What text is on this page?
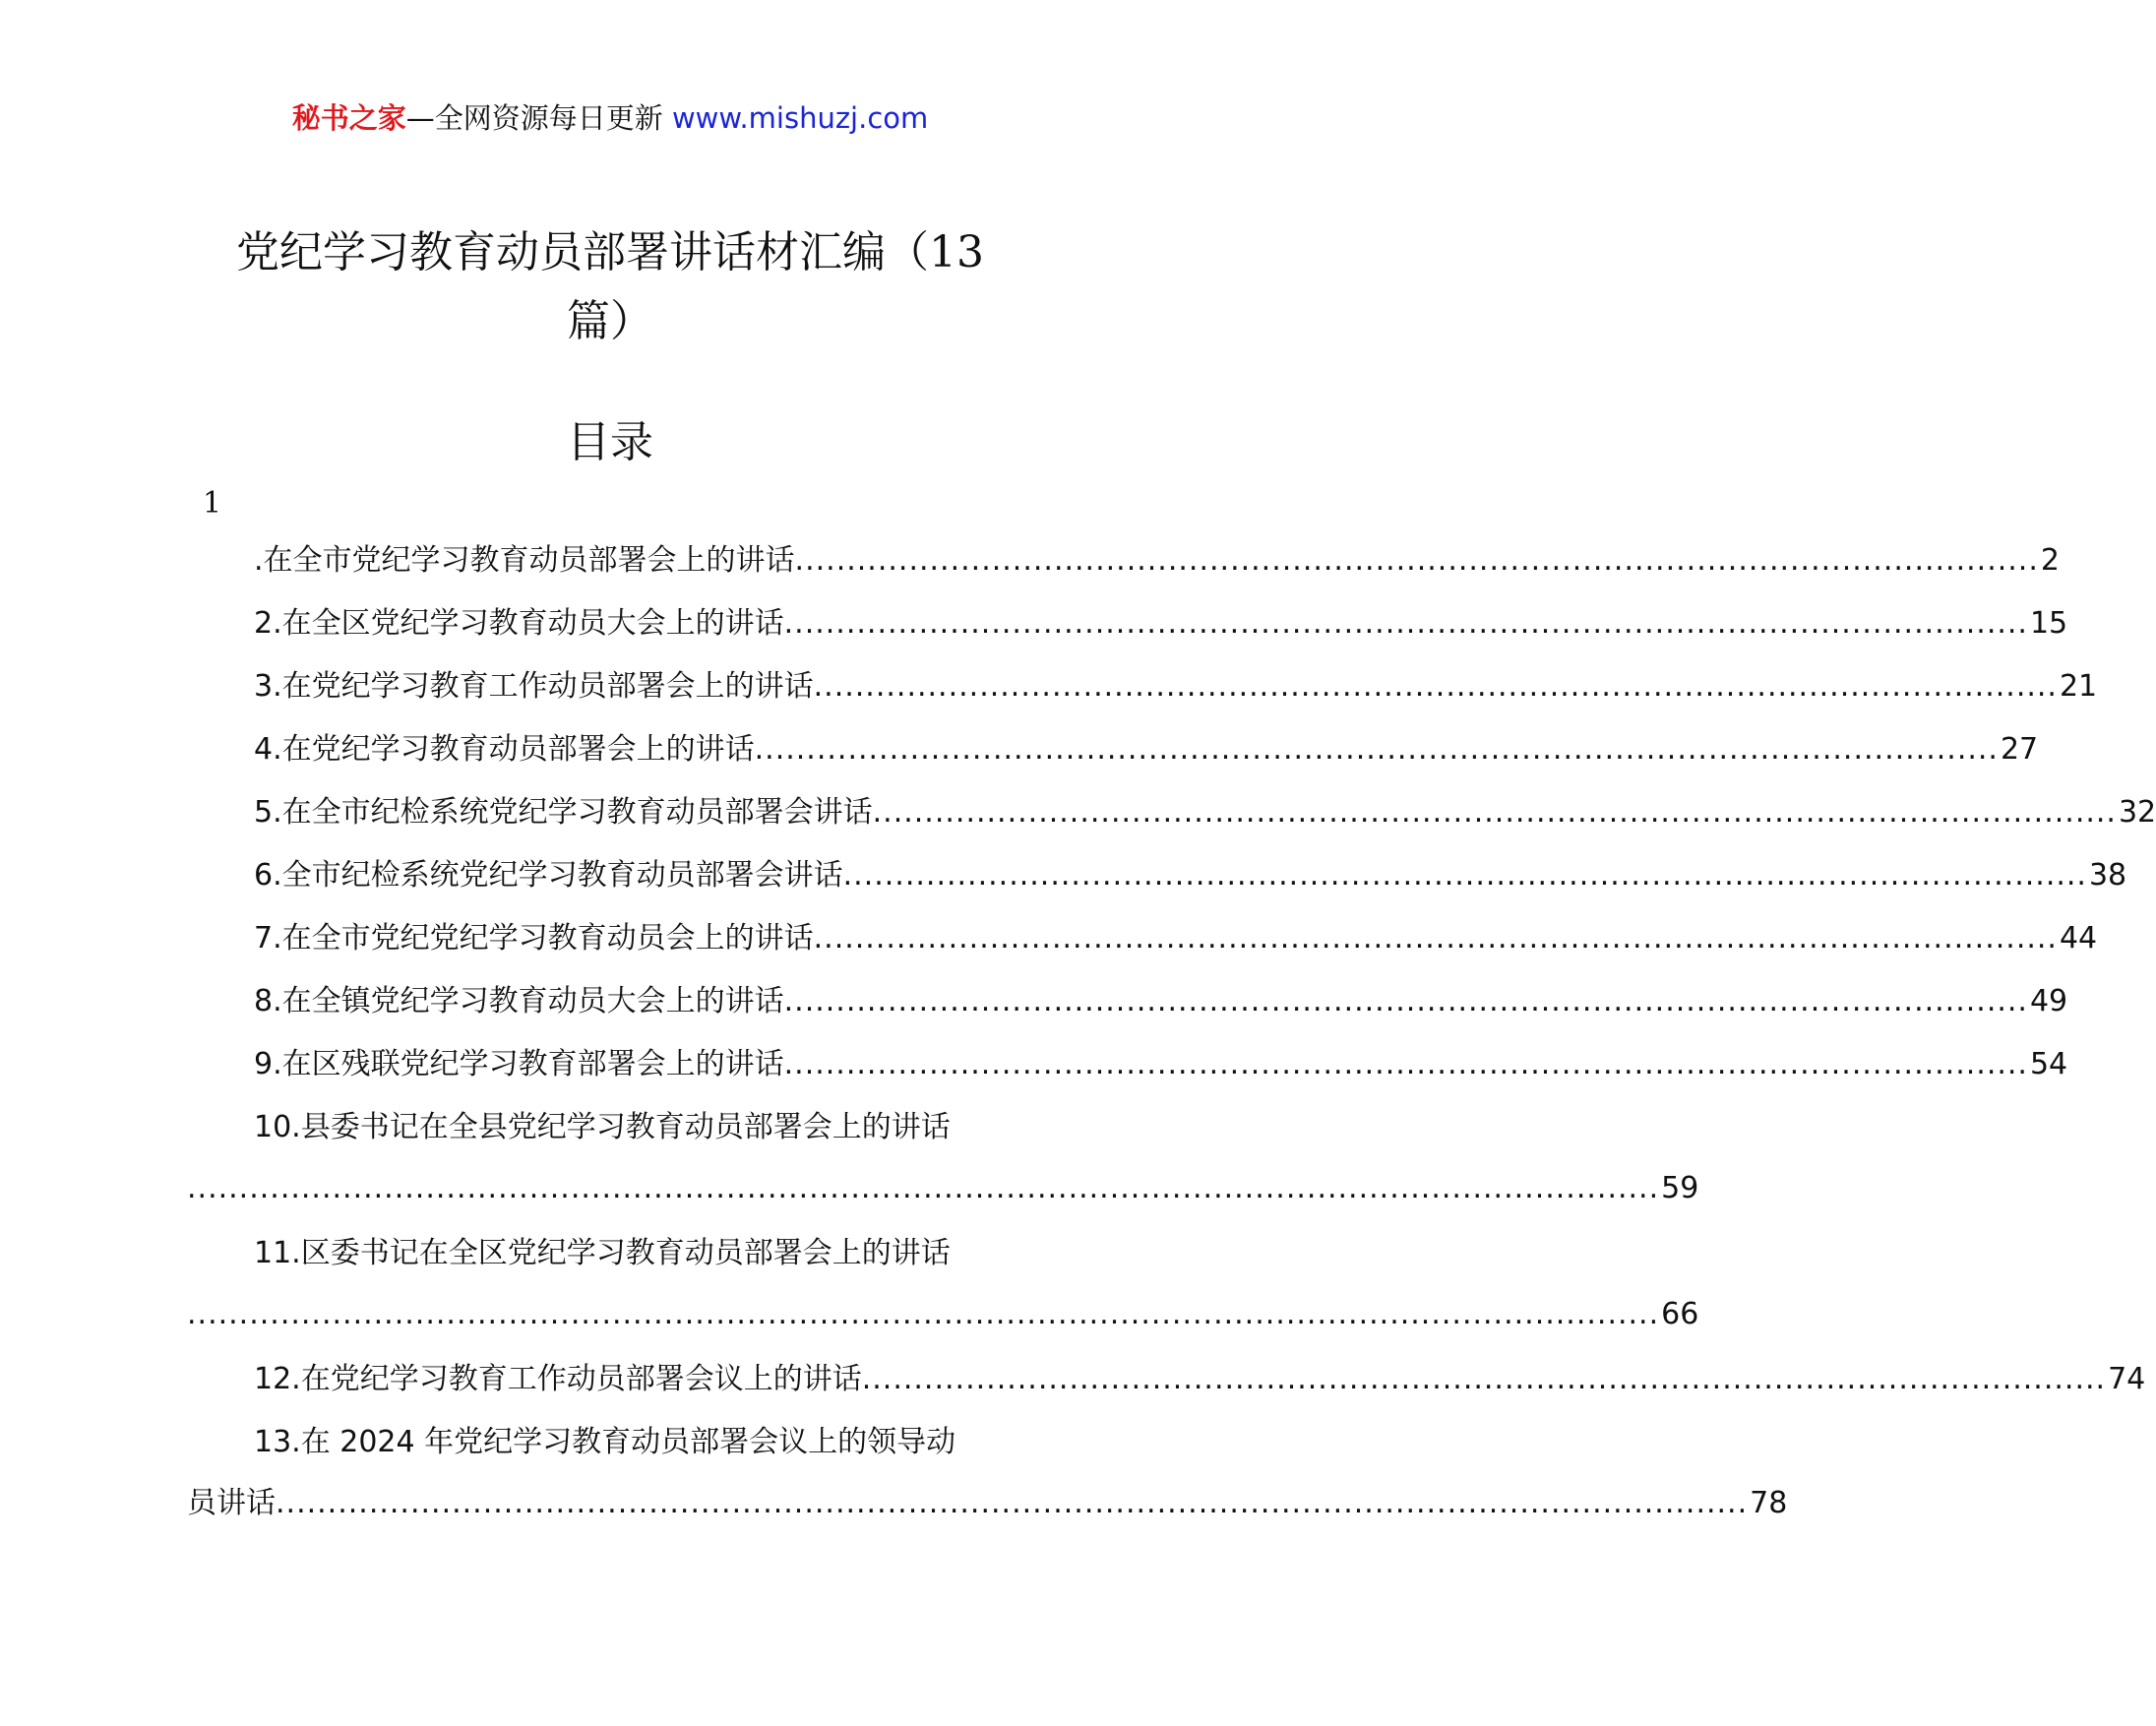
秘书之家—全网资源每日更新 www.mishuzj.com
党纪学习教育动员部署讲话材汇编（13
篇）
目录
1
.在全市党纪学习教育动员部署会上的讲话 ........................................................................................................................ 2
2.在全区党纪学习教育动员大会上的讲话 ........................................................................................................................ 15
3.在党纪学习教育工作动员部署会上的讲话 ........................................................................................................................ 21
4.在党纪学习教育动员部署会上的讲话 ........................................................................................................................ 27
5.在全市纪检系统党纪学习教育动员部署会讲话 ........................................................................................................................ 32
6.全市纪检系统党纪学习教育动员部署会讲话 ........................................................................................................................ 38
7.在全市党纪党纪学习教育动员会上的讲话 ........................................................................................................................ 44
8.在全镇党纪学习教育动员大会上的讲话 ........................................................................................................................ 49
9.在区残联党纪学习教育部署会上的讲话 ........................................................................................................................ 54
10.县委书记在全县党纪学习教育动员部署会上的讲话
.............................................................................................................................................. 59
11.区委书记在全区党纪学习教育动员部署会上的讲话
.............................................................................................................................................. 66
12.在党纪学习教育工作动员部署会议上的讲话 ........................................................................................................................ 74
13.在 2024 年党纪学习教育动员部署会议上的领导动
员讲话 .............................................................................................................................................. 78
